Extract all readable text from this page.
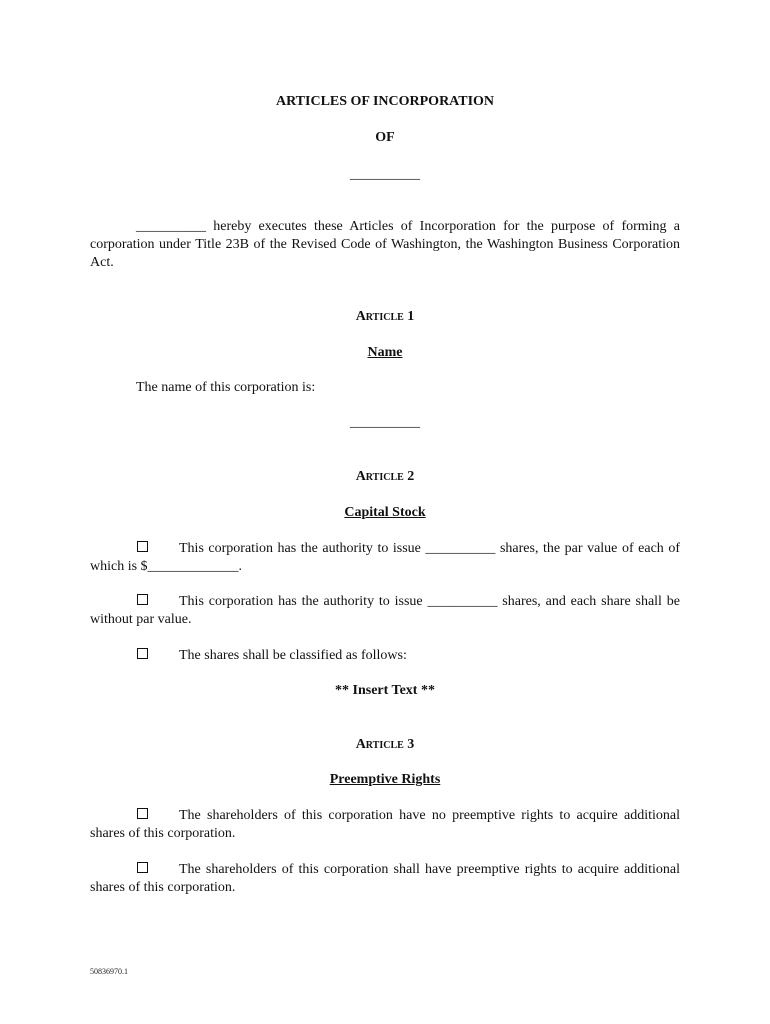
ARTICLES OF INCORPORATION

OF

__________

__________ hereby executes these Articles of Incorporation for the purpose of forming a corporation under Title 23B of the Revised Code of Washington, the Washington Business Corporation Act.

Article 1

Name

The name of this corporation is:

__________

Article 2

Capital Stock

This corporation has the authority to issue __________ shares, the par value of each of which is $_____________.

This corporation has the authority to issue __________ shares, and each share shall be without par value.

The shares shall be classified as follows:

** Insert Text **

Article 3

Preemptive Rights

The shareholders of this corporation have no preemptive rights to acquire additional shares of this corporation.

The shareholders of this corporation shall have preemptive rights to acquire additional shares of this corporation.

50836970.1
